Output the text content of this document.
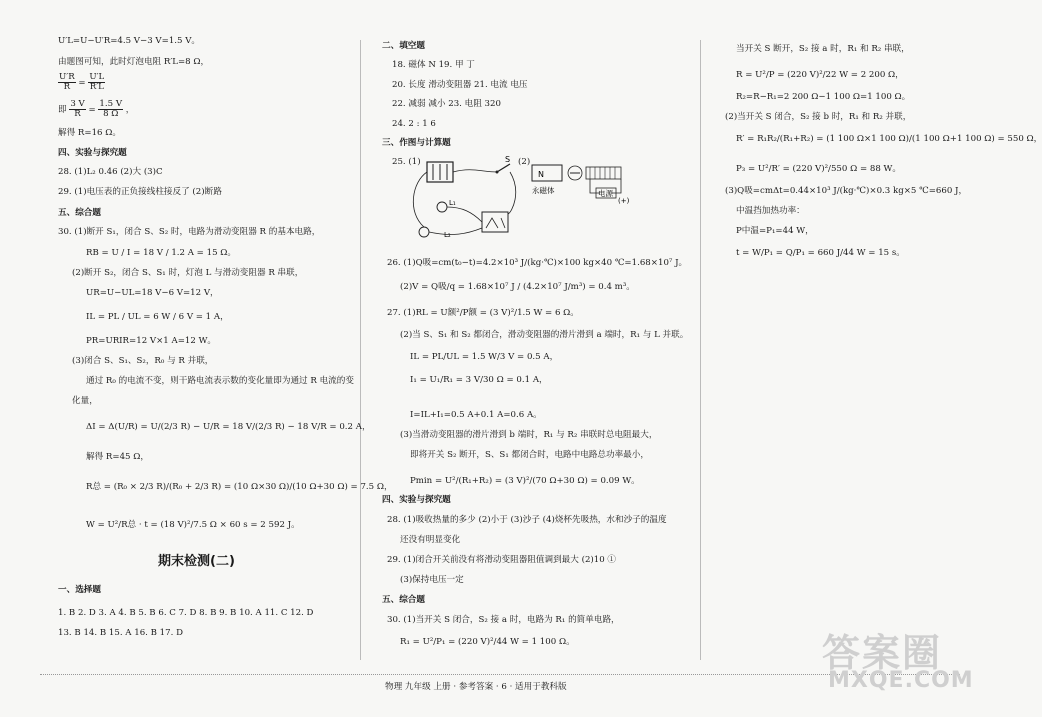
U′L=U−U′R=4.5 V−3 V=1.5 V。
由题图可知，此时灯泡电阻 R′L=8 Ω，
$\frac{U'R}{R} = \frac{U'L}{R'L}$
即 $\frac{3 V}{R} = \frac{1.5 V}{8 \Omega}$ ，
解得 R=16 Ω。
四、实验与探究题
28. (1)L₂ 0.46 (2)大 (3)C
29. (1)电压表的正负接线柱接反了 (2)断路
五、综合题
30. (1)断开 S₁，闭合 S、S₂ 时，电路为滑动变阻器 R 的基本电路，
RB = U / I = 18 V / 1.2 A = 15 Ω。
(2)断开 S₂，闭合 S、S₁ 时，灯泡 L 与滑动变阻器 R 串联，
UR=U−UL=18 V−6 V=12 V，
IL = PL / UL = 6 W / 6 V = 1 A，
PR=URIR=12 V×1 A=12 W。
(3)闭合 S、S₁、S₂，R₀ 与 R 并联，
通过 R₀ 的电流不变，则干路电流表示数的变化量即为通过 R 电流的变
化量，
ΔI = Δ(U/R) = U/(2/3 R) − U/R = 18 V/(2/3 R) − 18 V/R = 0.2 A，
解得 R=45 Ω，
R总 = (R₀ × 2/3 R)/(R₀ + 2/3 R) = (10 Ω×30 Ω)/(10 Ω+30 Ω) = 7.5 Ω，
W = U²/R总 · t = (18 V)²/7.5 Ω × 60 s = 2 592 J。
期末检测(二)
一、选择题
1. B 2. D 3. A 4. B 5. B 6. C 7. D 8. B 9. B 10. A 11. C 12. D
13. B 14. B 15. A 16. B 17. D
二、填空题
18. 磁体 N 19. 甲 丁
20. 长度 滑动变阻器 21. 电流 电压
22. 减弱 减小 23. 电阻 320
24. 2 : 1 6
三、作图与计算题
25. (1)	S
L₁
L₂
(2)
N
永磁体	电源
(+)
26. (1)Q吸=cm(t₀−t)=4.2×10³ J/(kg·℃)×100 kg×40 ℃=1.68×10⁷ J。
(2)V = Q吸/q = 1.68×10⁷ J / (4.2×10⁷ J/m³) = 0.4 m³。
27. (1)RL = U额²/P额 = (3 V)²/1.5 W = 6 Ω。
(2)当 S、S₁ 和 S₂ 都闭合，滑动变阻器的滑片滑到 a 端时，R₁ 与 L 并联。
IL = PL/UL = 1.5 W/3 V = 0.5 A，
I₁ = U₁/R₁ = 3 V/30 Ω = 0.1 A，
I=IL+I₁=0.5 A+0.1 A=0.6 A。
(3)当滑动变阻器的滑片滑到 b 端时，R₁ 与 R₂ 串联时总电阻最大，
即将开关 S₂ 断开，S、S₁ 都闭合时，电路中电路总功率最小，
Pmin = U²/(R₁+R₂) = (3 V)²/(70 Ω+30 Ω) = 0.09 W。
四、实验与探究题
28. (1)吸收热量的多少 (2)小于 (3)沙子 (4)烧杯先吸热，水和沙子的温度
还没有明显变化
29. (1)闭合开关前没有将滑动变阻器阻值调到最大 (2)10 ①
(3)保持电压一定
五、综合题
30. (1)当开关 S 闭合，S₂ 接 a 时，电路为 R₁ 的简单电路，
R₁ = U²/P₁ = (220 V)²/44 W = 1 100 Ω。
当开关 S 断开，S₂ 接 a 时，R₁ 和 R₂ 串联，
R = U²/P = (220 V)²/22 W = 2 200 Ω，
R₂=R−R₁=2 200 Ω−1 100 Ω=1 100 Ω。
(2)当开关 S 闭合，S₂ 接 b 时，R₁ 和 R₂ 并联，
R′ = R₁R₂/(R₁+R₂) = (1 100 Ω×1 100 Ω)/(1 100 Ω+1 100 Ω) = 550 Ω，
P₃ = U²/R′ = (220 V)²/550 Ω = 88 W。
(3)Q吸=cmΔt=0.44×10³ J/(kg·℃)×0.3 kg×5 ℃=660 J，
中温挡加热功率：
P中温=P₁=44 W，
t = W/P₁ = Q/P₁ = 660 J/44 W = 15 s。
物理 九年级 上册 · 参考答案 · 6 · 适用于教科版
答案圈
MXQE.COM
